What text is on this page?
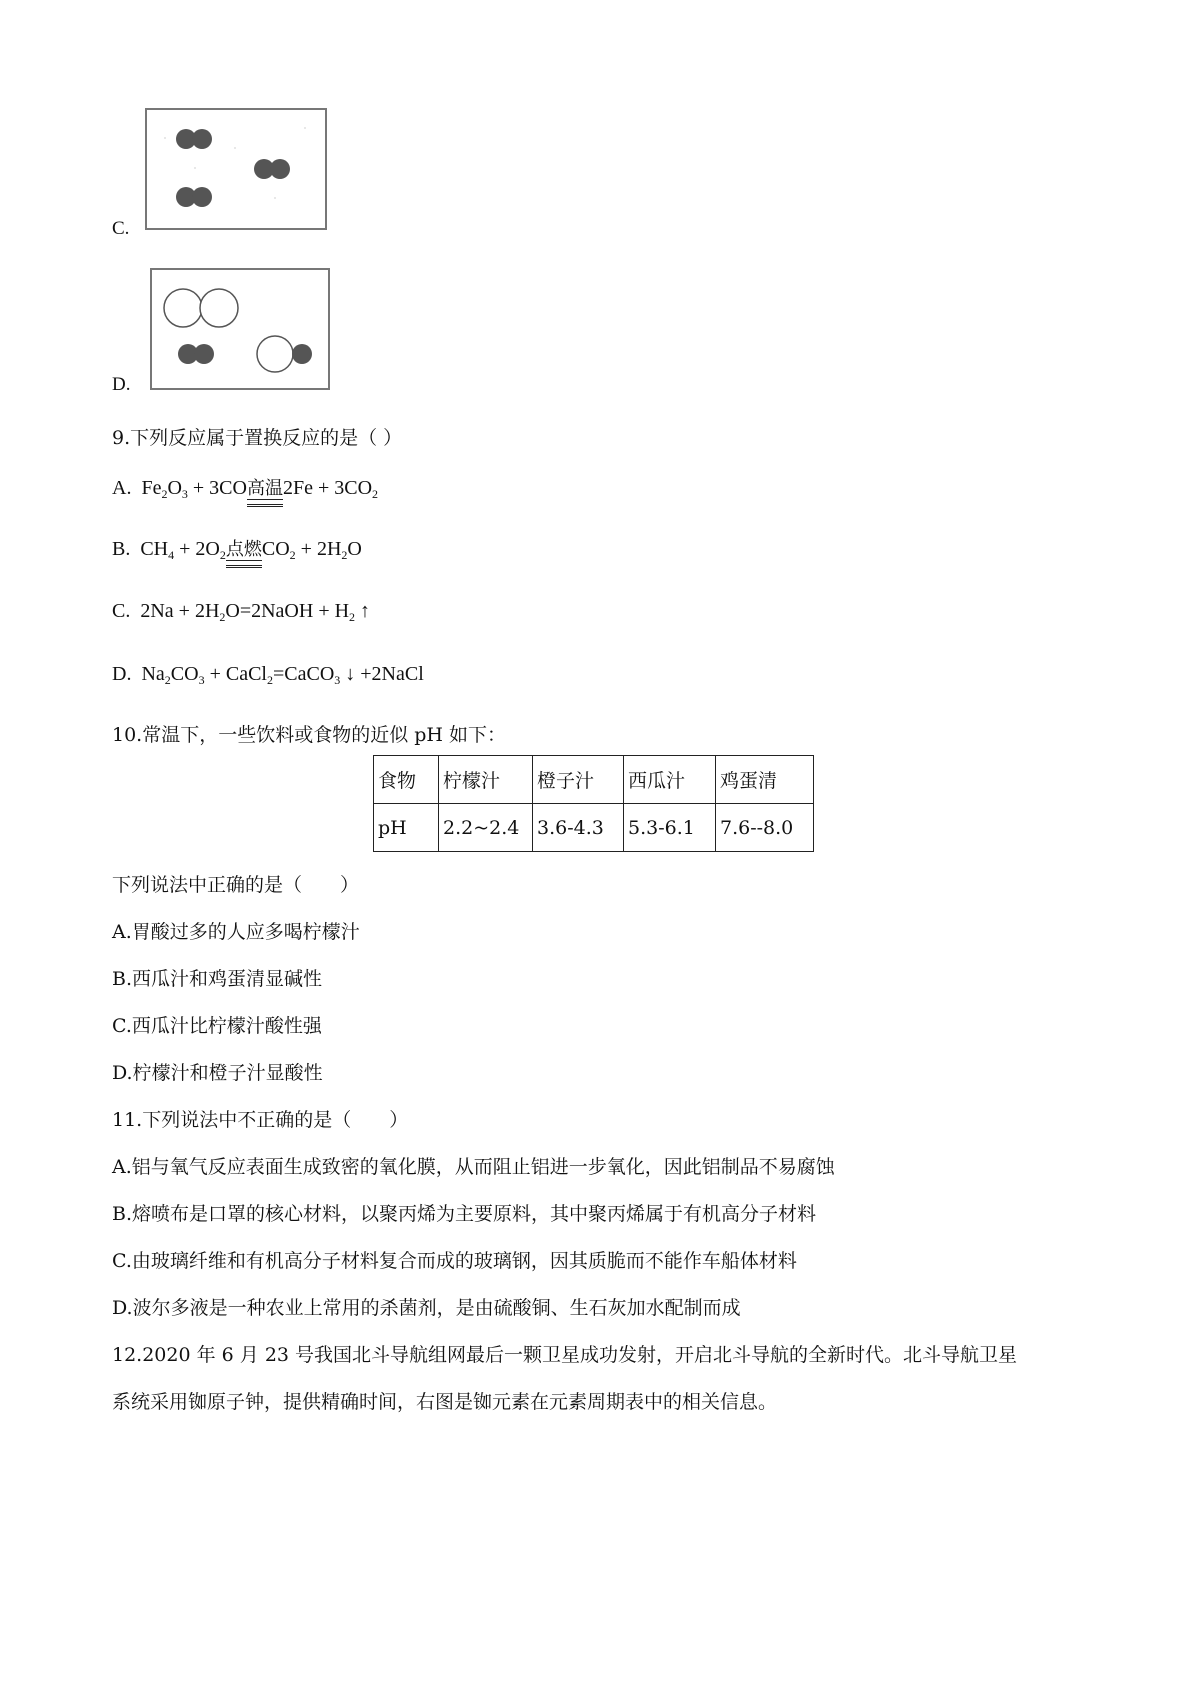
C.
D.
9.下列反应属于置换反应的是（ ）
A. $Fe_2O_3 + 3CO$高温$2Fe + 3CO_2$
B. $CH_4 + 2O_2$点燃$CO_2 + 2H_2O$
C. $2Na + 2H_2O=2NaOH + H_2$ ↑
D. $Na_2CO_3$ + CaCl$_2$=CaCO$_3$ ↓ +2NaCl
10.常温下，一些饮料或食物的近似 pH 如下：
食物	柠檬汁	橙子汁	西瓜汁	鸡蛋清
pH	2.2~2.4	3.6-4.3	5.3-6.1	7.6--8.0
下列说法中正确的是（　　）
A.胃酸过多的人应多喝柠檬汁
B.西瓜汁和鸡蛋清显碱性
C.西瓜汁比柠檬汁酸性强
D.柠檬汁和橙子汁显酸性
11.下列说法中不正确的是（　　）
A.铝与氧气反应表面生成致密的氧化膜，从而阻止铝进一步氧化，因此铝制品不易腐蚀
B.熔喷布是口罩的核心材料，以聚丙烯为主要原料，其中聚丙烯属于有机高分子材料
C.由玻璃纤维和有机高分子材料复合而成的玻璃钢，因其质脆而不能作车船体材料
D.波尔多液是一种农业上常用的杀菌剂，是由硫酸铜、生石灰加水配制而成
12.2020 年 6 月 23 号我国北斗导航组网最后一颗卫星成功发射，开启北斗导航的全新时代。北斗导航卫星
系统采用铷原子钟，提供精确时间，右图是铷元素在元素周期表中的相关信息。
